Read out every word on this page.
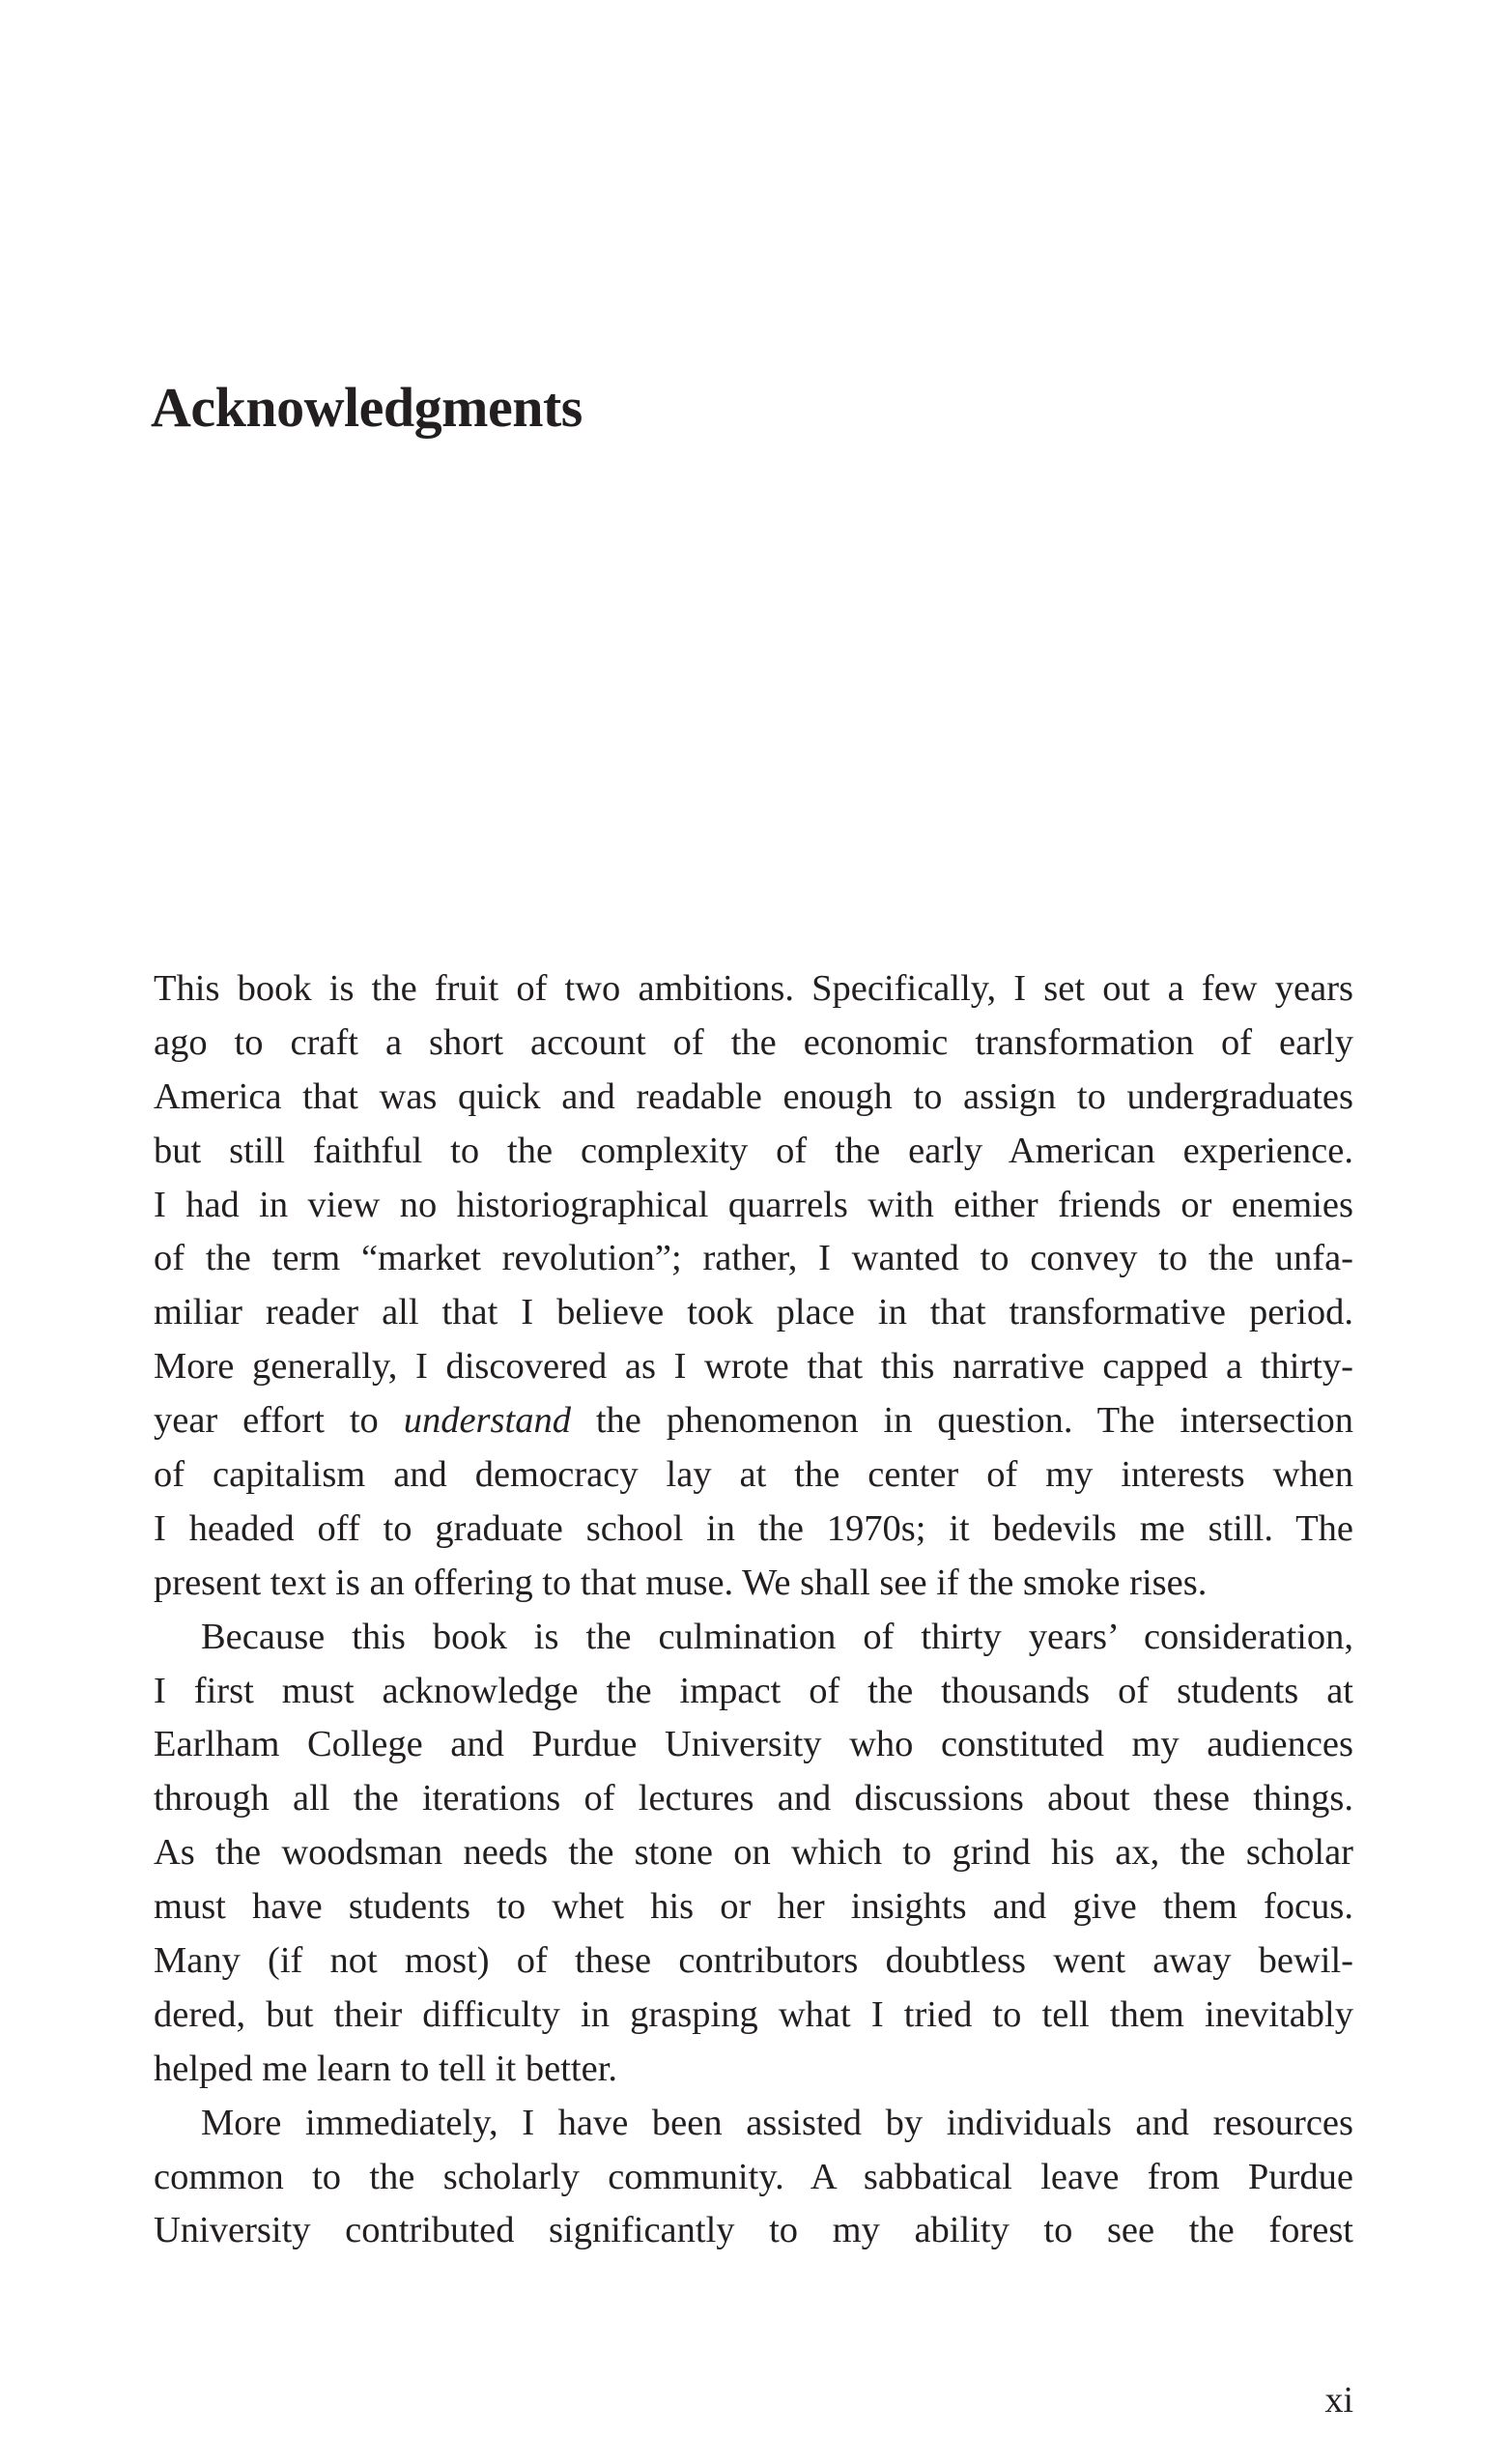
Acknowledgments
This book is the fruit of two ambitions. Specifically, I set out a few years
ago to craft a short account of the economic transformation of early
America that was quick and readable enough to assign to undergraduates
but still faithful to the complexity of the early American experience.
I had in view no historiographical quarrels with either friends or enemies
of the term “market revolution”; rather, I wanted to convey to the unfa-
miliar reader all that I believe took place in that transformative period.
More generally, I discovered as I wrote that this narrative capped a thirty-
year effort to understand the phenomenon in question. The intersection
of capitalism and democracy lay at the center of my interests when
I headed off to graduate school in the 1970s; it bedevils me still. The
present text is an offering to that muse. We shall see if the smoke rises.
Because this book is the culmination of thirty years’ consideration,
I first must acknowledge the impact of the thousands of students at
Earlham College and Purdue University who constituted my audiences
through all the iterations of lectures and discussions about these things.
As the woodsman needs the stone on which to grind his ax, the scholar
must have students to whet his or her insights and give them focus.
Many (if not most) of these contributors doubtless went away bewil-
dered, but their difficulty in grasping what I tried to tell them inevitably
helped me learn to tell it better.
More immediately, I have been assisted by individuals and resources
common to the scholarly community. A sabbatical leave from Purdue
University contributed significantly to my ability to see the forest
xi
